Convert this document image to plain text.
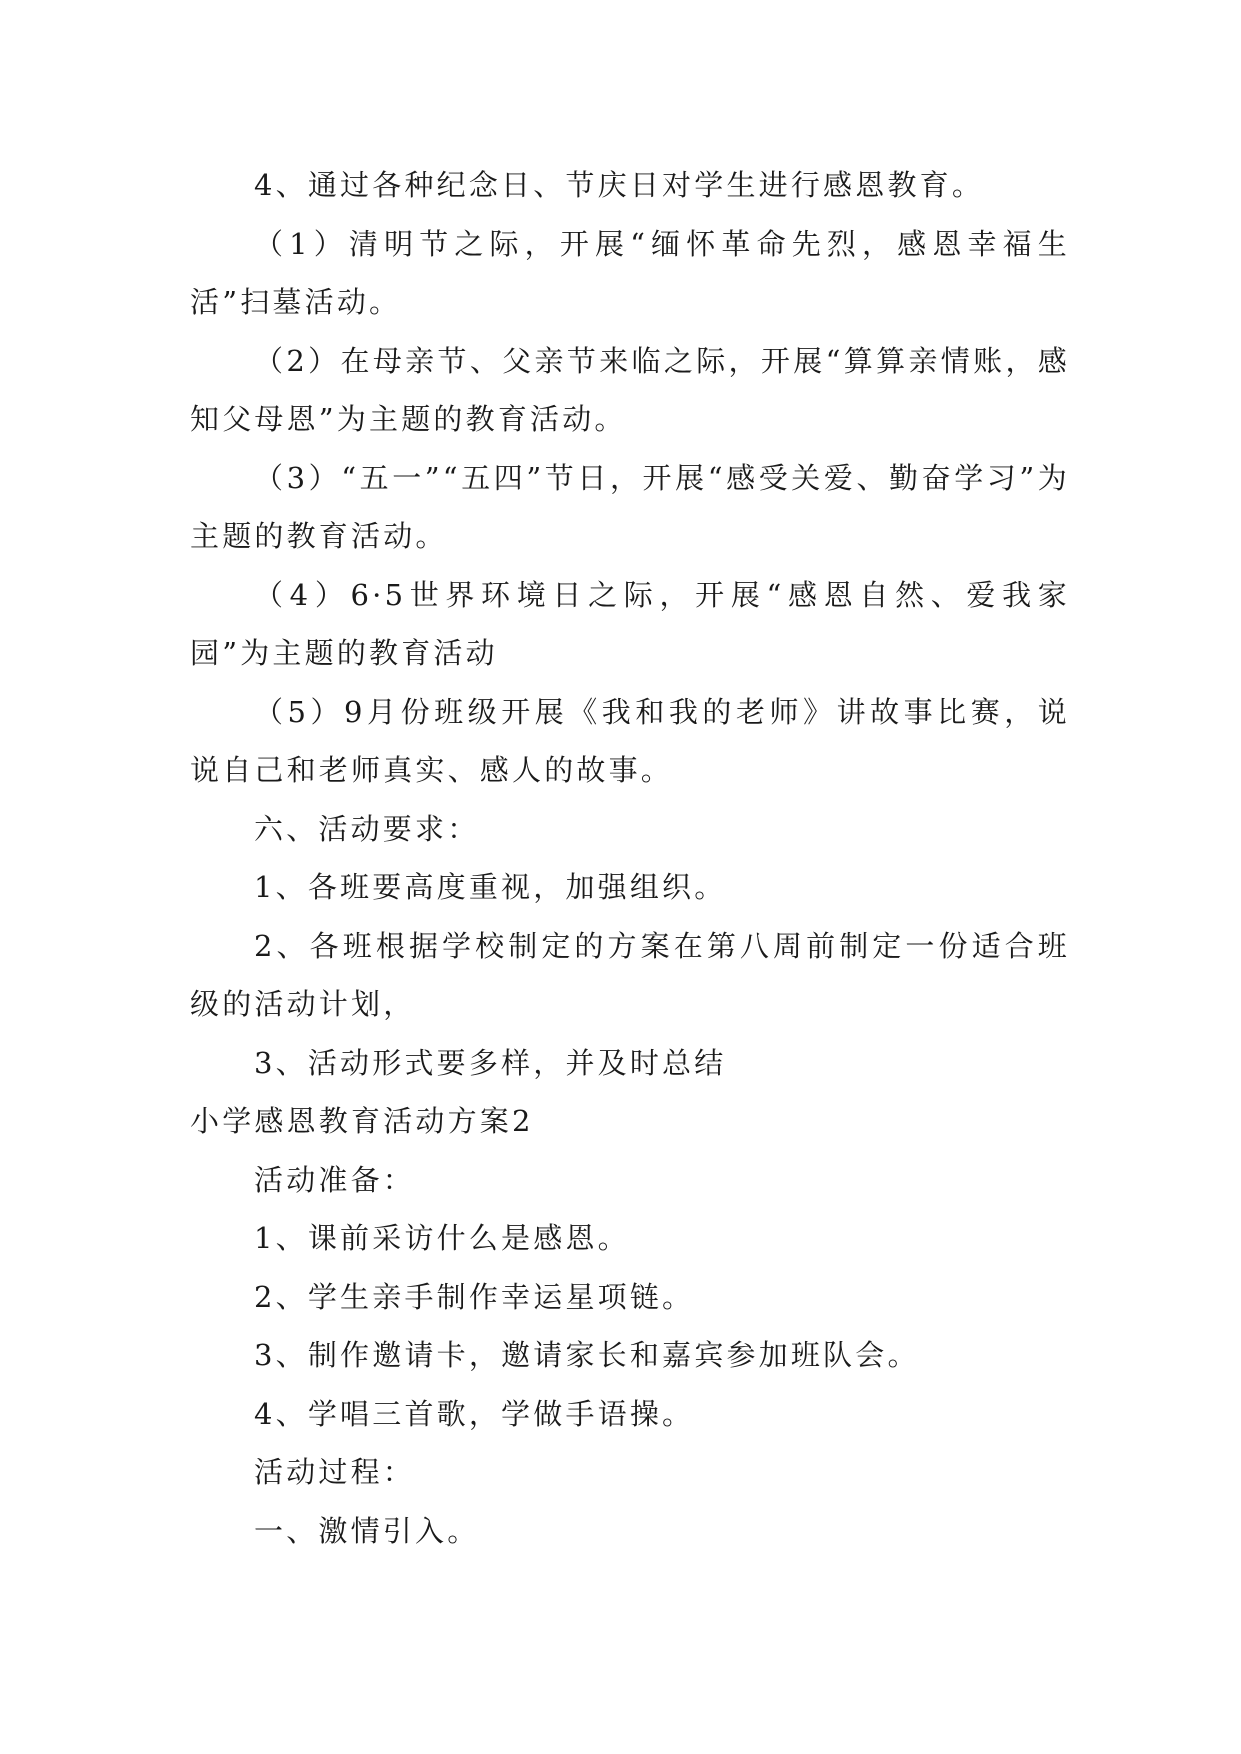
4、通过各种纪念日、节庆日对学生进行感恩教育。

（1）清明节之际，开展“缅怀革命先烈，感恩幸福生活”扫墓活动。

（2）在母亲节、父亲节来临之际，开展“算算亲情账，感知父母恩”为主题的教育活动。

（3）“五一”“五四”节日，开展“感受关爱、勤奋学习”为主题的教育活动。

（4）6·5世界环境日之际，开展“感恩自然、爱我家园”为主题的教育活动

（5）9月份班级开展《我和我的老师》讲故事比赛，说说自己和老师真实、感人的故事。

六、活动要求：

1、各班要高度重视，加强组织。

2、各班根据学校制定的方案在第八周前制定一份适合班级的活动计划，

3、活动形式要多样，并及时总结

小学感恩教育活动方案2

活动准备：

1、课前采访什么是感恩。

2、学生亲手制作幸运星项链。

3、制作邀请卡，邀请家长和嘉宾参加班队会。

4、学唱三首歌，学做手语操。

活动过程：

一、激情引入。
